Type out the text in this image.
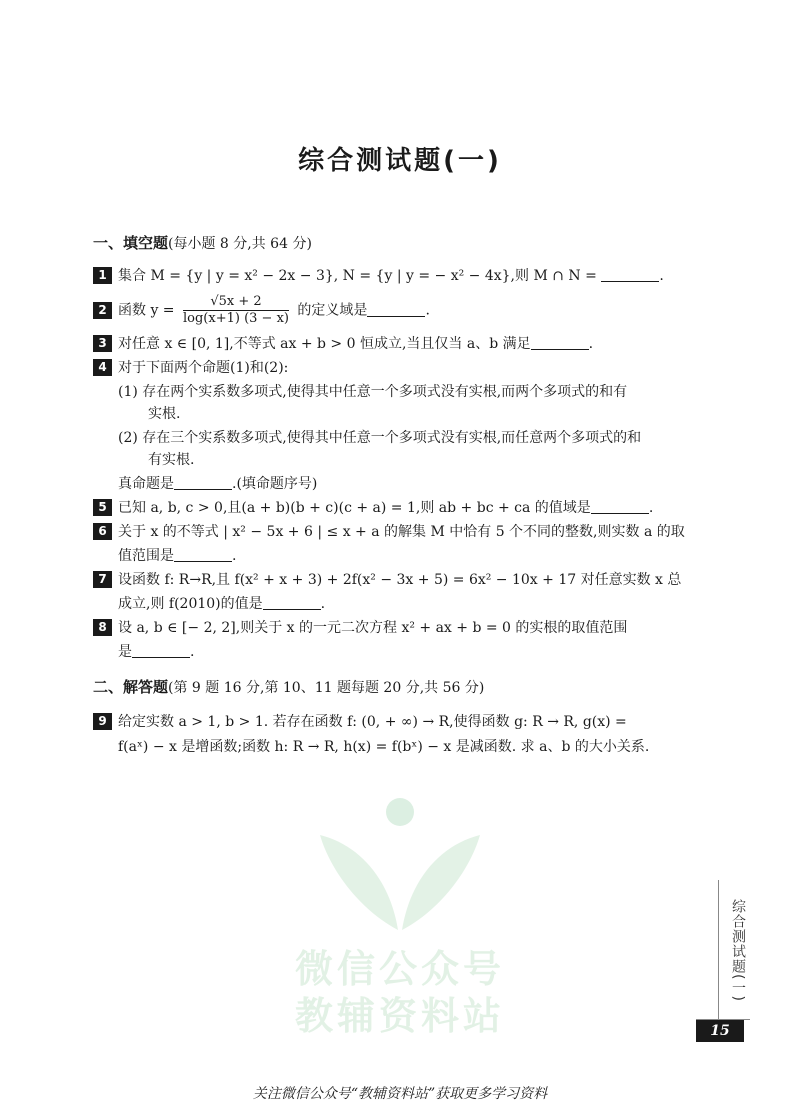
微信公众号
教辅资料站
综合测试题(一)
一、填空题(每小题 8 分,共 64 分)
1 集合 M = {y | y = x² − 2x − 3}, N = {y | y = − x² − 4x},则 M ∩ N =	.
2 函数 $y = \frac{√5x + 2}{\log(x+1) (3 - x)}$ 的定义域是	.
3 对任意 x ∈ [0, 1],不等式 ax + b > 0 恒成立,当且仅当 a、b 满足	.
4 对于下面两个命题(1)和(2):
(1) 存在两个实系数多项式,使得其中任意一个多项式没有实根,而两个多项式的和有
实根.
(2) 存在三个实系数多项式,使得其中任意一个多项式没有实根,而任意两个多项式的和
有实根.
真命题是	.(填命题序号)
5 已知 a, b, c > 0,且(a + b)(b + c)(c + a) = 1,则 ab + bc + ca 的值域是	.
6 关于 x 的不等式 | x² − 5x + 6 | ≤ x + a 的解集 M 中恰有 5 个不同的整数,则实数 a 的取
值范围是	.
7 设函数 f: R→R,且 f(x² + x + 3) + 2f(x² − 3x + 5) = 6x² − 10x + 17 对任意实数 x 总
成立,则 f(2010)的值是	.
8 设 a, b ∈ [− 2, 2],则关于 x 的一元二次方程 x² + ax + b = 0 的实根的取值范围
是	.
二、解答题(第 9 题 16 分,第 10、11 题每题 20 分,共 56 分)
9 给定实数 a > 1, b > 1. 若存在函数 f: (0, + ∞) → R,使得函数 g: R → R, g(x) =
f(aˣ) − x 是增函数;函数 h: R → R, h(x) = f(bˣ) − x 是减函数. 求 a、b 的大小关系.
综合测试题(一)
15
关注微信公众号“教辅资料站”获取更多学习资料
